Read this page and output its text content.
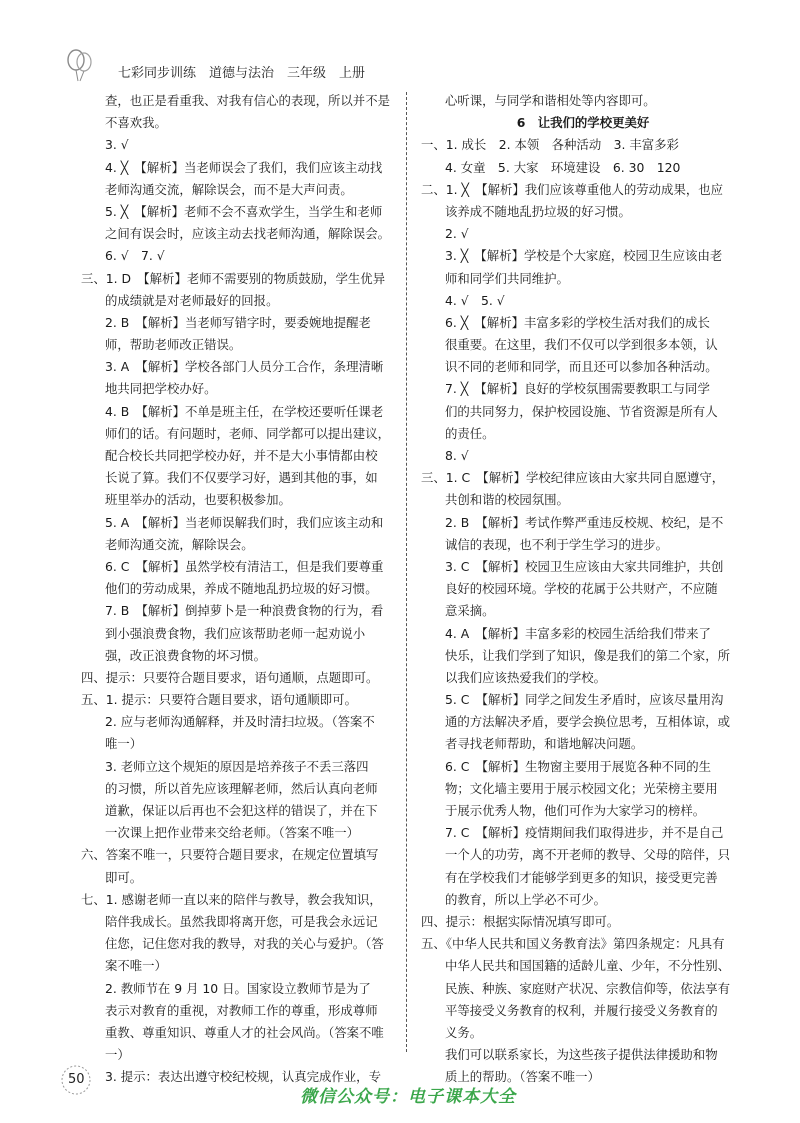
七彩同步训练　道德与法治　三年级　上册
查，也正是看重我、对我有信心的表现，所以并不是
不喜欢我。
3. √
4. ╳　【解析】当老师误会了我们，我们应该主动找
老师沟通交流，解除误会，而不是大声问责。
5. ╳　【解析】老师不会不喜欢学生，当学生和老师
之间有误会时，应该主动去找老师沟通，解除误会。
6. √　7. √
三、1. D　【解析】老师不需要别的物质鼓励，学生优异
的成绩就是对老师最好的回报。
2. B　【解析】当老师写错字时，要委婉地提醒老
师，帮助老师改正错误。
3. A　【解析】学校各部门人员分工合作，条理清晰
地共同把学校办好。
4. B　【解析】不单是班主任，在学校还要听任课老
师们的话。有问题时，老师、同学都可以提出建议，
配合校长共同把学校办好，并不是大小事情都由校
长说了算。我们不仅要学习好，遇到其他的事，如
班里举办的活动，也要积极参加。
5. A　【解析】当老师误解我们时，我们应该主动和
老师沟通交流，解除误会。
6. C　【解析】虽然学校有清洁工，但是我们要尊重
他们的劳动成果，养成不随地乱扔垃圾的好习惯。
7. B　【解析】倒掉萝卜是一种浪费食物的行为，看
到小强浪费食物，我们应该帮助老师一起劝说小
强，改正浪费食物的坏习惯。
四、提示：只要符合题目要求，语句通顺，点题即可。
五、1. 提示：只要符合题目要求，语句通顺即可。
2. 应与老师沟通解释，并及时清扫垃圾。（答案不
唯一）
3. 老师立这个规矩的原因是培养孩子不丢三落四
的习惯，所以首先应该理解老师，然后认真向老师
道歉，保证以后再也不会犯这样的错误了，并在下
一次课上把作业带来交给老师。（答案不唯一）
六、答案不唯一，只要符合题目要求，在规定位置填写
即可。
七、1. 感谢老师一直以来的陪伴与教导，教会我知识，
陪伴我成长。虽然我即将离开您，可是我会永远记
住您，记住您对我的教导，对我的关心与爱护。（答
案不唯一）
2. 教师节在 9 月 10 日。国家设立教师节是为了
表示对教育的重视，对教师工作的尊重，形成尊师
重教、尊重知识、尊重人才的社会风尚。（答案不唯
一）
3. 提示：表达出遵守校纪校规，认真完成作业，专
心听课，与同学和谐相处等内容即可。
6　让我们的学校更美好
一、1. 成长　2. 本领　各种活动　3. 丰富多彩
4. 女童　5. 大家　环境建设　6. 30　120
二、1. ╳　【解析】我们应该尊重他人的劳动成果，也应
该养成不随地乱扔垃圾的好习惯。
2. √
3. ╳　【解析】学校是个大家庭，校园卫生应该由老
师和同学们共同维护。
4. √　5. √
6. ╳　【解析】丰富多彩的学校生活对我们的成长
很重要。在这里，我们不仅可以学到很多本领，认
识不同的老师和同学，而且还可以参加各种活动。
7. ╳　【解析】良好的学校氛围需要教职工与同学
们的共同努力，保护校园设施、节省资源是所有人
的责任。
8. √
三、1. C　【解析】学校纪律应该由大家共同自愿遵守，
共创和谐的校园氛围。
2. B　【解析】考试作弊严重违反校规、校纪，是不
诚信的表现，也不利于学生学习的进步。
3. C　【解析】校园卫生应该由大家共同维护，共创
良好的校园环境。学校的花属于公共财产，不应随
意采摘。
4. A　【解析】丰富多彩的校园生活给我们带来了
快乐，让我们学到了知识，像是我们的第二个家，所
以我们应该热爱我们的学校。
5. C　【解析】同学之间发生矛盾时，应该尽量用沟
通的方法解决矛盾，要学会换位思考，互相体谅，或
者寻找老师帮助，和谐地解决问题。
6. C　【解析】生物窗主要用于展览各种不同的生
物；文化墙主要用于展示校园文化；光荣榜主要用
于展示优秀人物，他们可作为大家学习的榜样。
7. C　【解析】疫情期间我们取得进步，并不是自己
一个人的功劳，离不开老师的教导、父母的陪伴，只
有在学校我们才能够学到更多的知识，接受更完善
的教育，所以上学必不可少。
四、提示：根据实际情况填写即可。
五、《中华人民共和国义务教育法》第四条规定：凡具有
中华人民共和国国籍的适龄儿童、少年，不分性别、
民族、种族、家庭财产状况、宗教信仰等，依法享有
平等接受义务教育的权利，并履行接受义务教育的
义务。
我们可以联系家长，为这些孩子提供法律援助和物
质上的帮助。（答案不唯一）
50
微信公众号：电子课本大全
